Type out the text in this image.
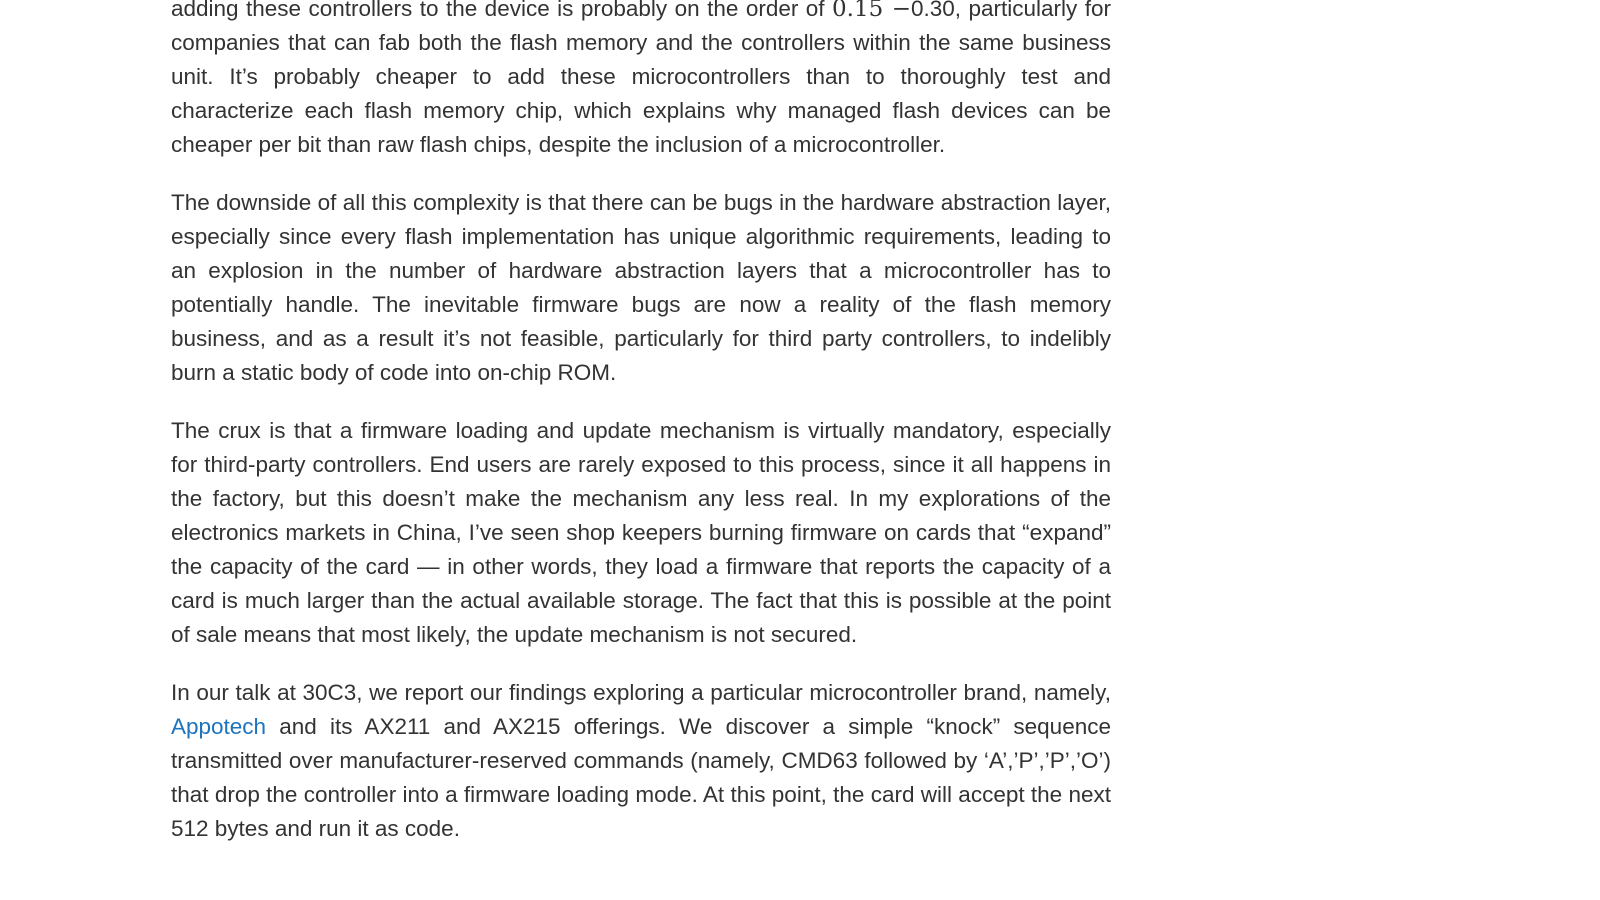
adding these controllers to the device is probably on the order of 0.15 −0.30, particularly for companies that can fab both the flash memory and the controllers within the same business unit. It’s probably cheaper to add these microcontrollers than to thoroughly test and characterize each flash memory chip, which explains why managed flash devices can be cheaper per bit than raw flash chips, despite the inclusion of a microcontroller.

The downside of all this complexity is that there can be bugs in the hardware abstraction layer, especially since every flash implementation has unique algorithmic requirements, leading to an explosion in the number of hardware abstraction layers that a microcontroller has to potentially handle. The inevitable firmware bugs are now a reality of the flash memory business, and as a result it’s not feasible, particularly for third party controllers, to indelibly burn a static body of code into on-chip ROM.

The crux is that a firmware loading and update mechanism is virtually mandatory, especially for third-party controllers. End users are rarely exposed to this process, since it all happens in the factory, but this doesn’t make the mechanism any less real. In my explorations of the electronics markets in China, I’ve seen shop keepers burning firmware on cards that “expand” the capacity of the card — in other words, they load a firmware that reports the capacity of a card is much larger than the actual available storage. The fact that this is possible at the point of sale means that most likely, the update mechanism is not secured.

In our talk at 30C3, we report our findings exploring a particular microcontroller brand, namely, Appotech and its AX211 and AX215 offerings. We discover a simple “knock” sequence transmitted over manufacturer-reserved commands (namely, CMD63 followed by ‘A’,’P’,’P’,’O’) that drop the controller into a firmware loading mode. At this point, the card will accept the next 512 bytes and run it as code.
